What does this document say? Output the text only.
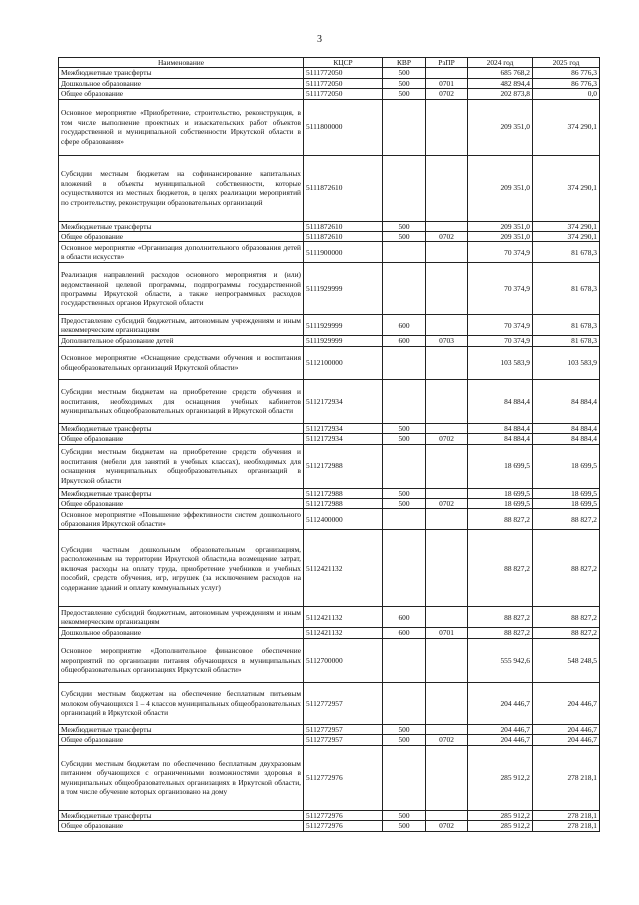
3
Наименование	КЦСР	КВР	РзПР	2024 год	2025 год
Межбюджетные трансферты	5111772050	500		685 768,2	86 776,3
Дошкольное образование	5111772050	500	0701	482 894,4	86 776,3
Общее образование	5111772050	500	0702	202 873,8	0,0
Основное мероприятие «Приобретение, строительство, реконструкция, в том числе выполнение проектных и изыскательских работ объектов государственной и муниципальной собственности Иркутской области в сфере образования»	5111800000			209 351,0	374 290,1
Субсидии местным бюджетам на софинансирование капитальных вложений в объекты муниципальной собственности, которые осуществляются из местных бюджетов, в целях реализации мероприятий по строительству, реконструкции образовательных организаций	5111872610			209 351,0	374 290,1
Межбюджетные трансферты	5111872610	500		209 351,0	374 290,1
Общее образование	5111872610	500	0702	209 351,0	374 290,1
Основное мероприятие «Организация дополнительного образования детей в области искусств»	5111900000			70 374,9	81 678,3
Реализация направлений расходов основного мероприятия и (или) ведомственной целевой программы, подпрограммы государственной программы Иркутской области, а также непрограммных расходов государственных органов Иркутской области	5111929999			70 374,9	81 678,3
Предоставление субсидий бюджетным, автономным учреждениям и иным некоммерческим организациям	5111929999	600		70 374,9	81 678,3
Дополнительное образование детей	5111929999	600	0703	70 374,9	81 678,3
Основное мероприятие «Оснащение средствами обучения и воспитания общеобразовательных организаций Иркутской области»	5112100000			103 583,9	103 583,9
Субсидии местным бюджетам на приобретение средств обучения и воспитания, необходимых для оснащения учебных кабинетов муниципальных общеобразовательных организаций в Иркутской области	5112172934			84 884,4	84 884,4
Межбюджетные трансферты	5112172934	500		84 884,4	84 884,4
Общее образование	5112172934	500	0702	84 884,4	84 884,4
Субсидии местным бюджетам на приобретение средств обучения и воспитания (мебели для занятий в учебных классах), необходимых для оснащения муниципальных общеобразовательных организаций в Иркутской области	5112172988			18 699,5	18 699,5
Межбюджетные трансферты	5112172988	500		18 699,5	18 699,5
Общее образование	5112172988	500	0702	18 699,5	18 699,5
Основное мероприятие «Повышение эффективности систем дошкольного образования Иркутской области»	5112400000			88 827,2	88 827,2
Субсидии частным дошкольным образовательным организациям, расположенным на территории Иркутской области,на возмещение затрат, включая расходы на оплату труда, приобретение учебников и учебных пособий, средств обучения, игр, игрушек (за исключением расходов на содержание зданий и оплату коммунальных услуг)	5112421132			88 827,2	88 827,2
Предоставление субсидий бюджетным, автономным учреждениям и иным некоммерческим организациям	5112421132	600		88 827,2	88 827,2
Дошкольное образование	5112421132	600	0701	88 827,2	88 827,2
Основное мероприятие «Дополнительное финансовое обеспечение мероприятий по организации питания обучающихся в муниципальных общеобразовательных организациях Иркутской области»	5112700000			555 942,6	548 248,5
Субсидии местным бюджетам на обеспечение бесплатным питьевым молоком обучающихся 1 – 4 классов муниципальных общеобразовательных организаций в Иркутской области	5112772957			204 446,7	204 446,7
Межбюджетные трансферты	5112772957	500		204 446,7	204 446,7
Общее образование	5112772957	500	0702	204 446,7	204 446,7
Субсидии местным бюджетам по обеспечению бесплатным двухразовым питанием обучающихся с ограниченными возможностями здоровья в муниципальных общеобразовательных организациях в Иркутской области, в том числе обучение которых организовано на дому	5112772976			285 912,2	278 218,1
Межбюджетные трансферты	5112772976	500		285 912,2	278 218,1
Общее образование	5112772976	500	0702	285 912,2	278 218,1
